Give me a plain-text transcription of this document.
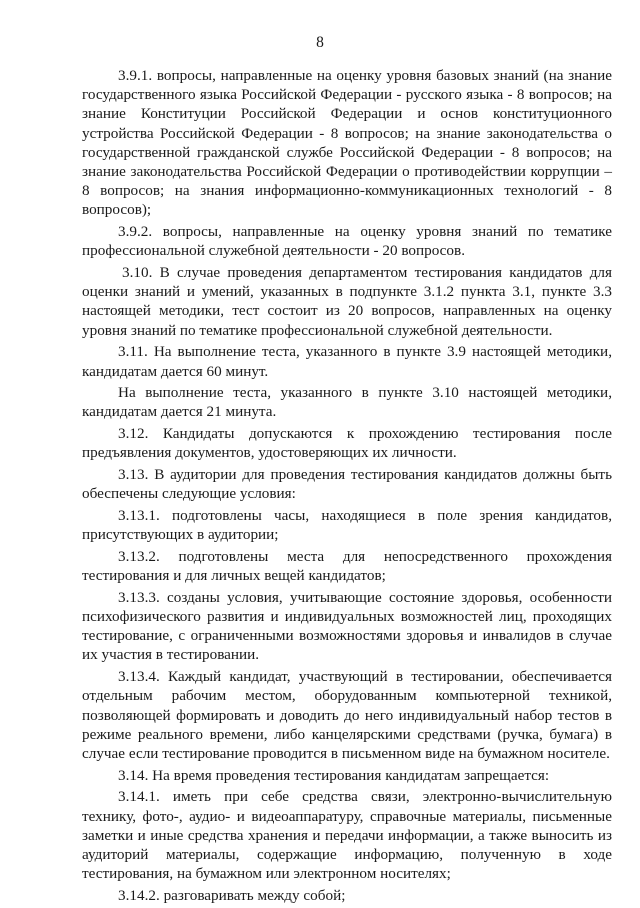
8

3.9.1. вопросы, направленные на оценку уровня базовых знаний (на знание государственного языка Российской Федерации - русского языка - 8 вопросов; на знание Конституции Российской Федерации и основ конституционного устройства Российской Федерации - 8 вопросов; на знание законодательства о государственной гражданской службе Российской Федерации - 8 вопросов; на знание законодательства Российской Федерации о противодействии коррупции – 8 вопросов; на знания информационно-коммуникационных технологий - 8 вопросов);

3.9.2. вопросы, направленные на оценку уровня знаний по тематике профессиональной служебной деятельности - 20 вопросов.

3.10. В случае проведения департаментом тестирования кандидатов для оценки знаний и умений, указанных в подпункте 3.1.2 пункта 3.1, пункте 3.3 настоящей методики, тест состоит из 20 вопросов, направленных на оценку уровня знаний по тематике профессиональной служебной деятельности.

3.11. На выполнение теста, указанного в пункте 3.9 настоящей методики, кандидатам дается 60 минут.

На выполнение теста, указанного в пункте 3.10 настоящей методики, кандидатам дается 21 минута.

3.12. Кандидаты допускаются к прохождению тестирования после предъявления документов, удостоверяющих их личности.

3.13. В аудитории для проведения тестирования кандидатов должны быть обеспечены следующие условия:

3.13.1. подготовлены часы, находящиеся в поле зрения кандидатов, присутствующих в аудитории;

3.13.2. подготовлены места для непосредственного прохождения тестирования и для личных вещей кандидатов;

3.13.3. созданы условия, учитывающие состояние здоровья, особенности психофизического развития и индивидуальных возможностей лиц, проходящих тестирование, с ограниченными возможностями здоровья и инвалидов в случае их участия в тестировании.

3.13.4. Каждый кандидат, участвующий в тестировании, обеспечивается отдельным рабочим местом, оборудованным компьютерной техникой, позволяющей формировать и доводить до него индивидуальный набор тестов в режиме реального времени, либо канцелярскими средствами (ручка, бумага) в случае если тестирование проводится в письменном виде на бумажном носителе.

3.14. На время проведения тестирования кандидатам запрещается:

3.14.1. иметь при себе средства связи, электронно-вычислительную технику, фото-, аудио- и видеоаппаратуру, справочные материалы, письменные заметки и иные средства хранения и передачи информации, а также выносить из аудиторий материалы, содержащие информацию, полученную в ходе тестирования, на бумажном или электронном носителях;

3.14.2. разговаривать между собой;
